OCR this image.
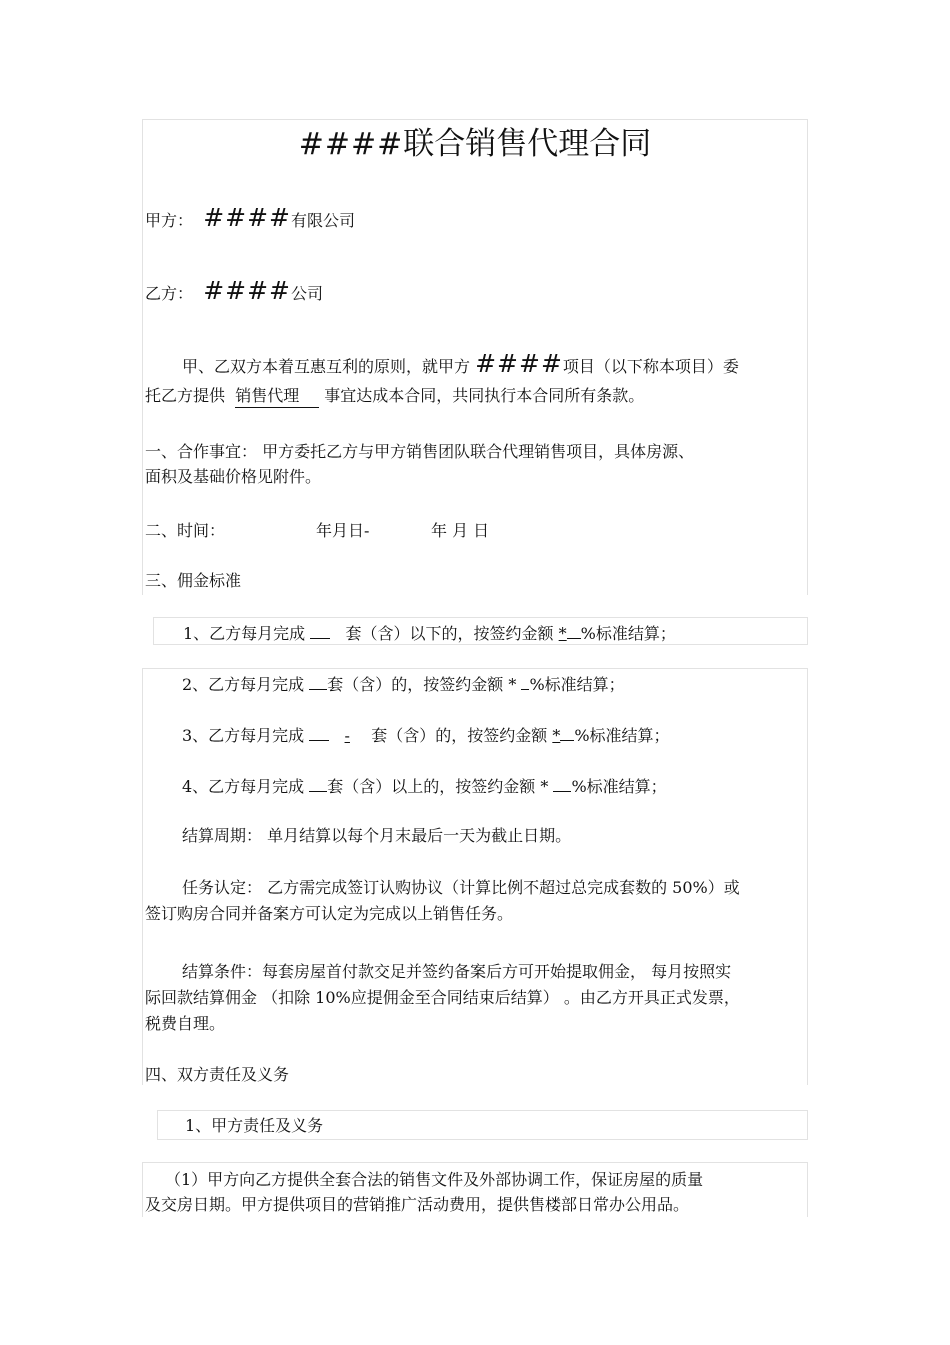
####联合销售代理合同
甲方： ####有限公司
乙方： ####公司
甲、乙双方本着互惠互利的原则，就甲方 ####项目（以下称本项目）委
托乙方提供 销售代理 事宜达成本合同，共同执行本合同所有条款。
一、合作事宜： 甲方委托乙方与甲方销售团队联合代理销售项目，具体房源、
面积及基础价格见附件。
二、时间：	年月日-	年 月 日
三、佣金标准
1、乙方每月完成	套（含）以下的，按签约金额 * %标准结算；
2、乙方每月完成 套（含）的，按签约金额 * %标准结算；
3、乙方每月完成	- 套（含）的，按签约金额 * %标准结算；
4、乙方每月完成 套（含）以上的，按签约金额 * %标准结算；
结算周期： 单月结算以每个月末最后一天为截止日期。
任务认定： 乙方需完成签订认购协议（计算比例不超过总完成套数的 50%）或
签订购房合同并备案方可认定为完成以上销售任务。
结算条件：每套房屋首付款交足并签约备案后方可开始提取佣金， 每月按照实
际回款结算佣金 （扣除 10%应提佣金至合同结束后结算） 。由乙方开具正式发票，
税费自理。
四、双方责任及义务
1、甲方责任及义务
（1）甲方向乙方提供全套合法的销售文件及外部协调工作，保证房屋的质量
及交房日期。甲方提供项目的营销推广活动费用，提供售楼部日常办公用品。
